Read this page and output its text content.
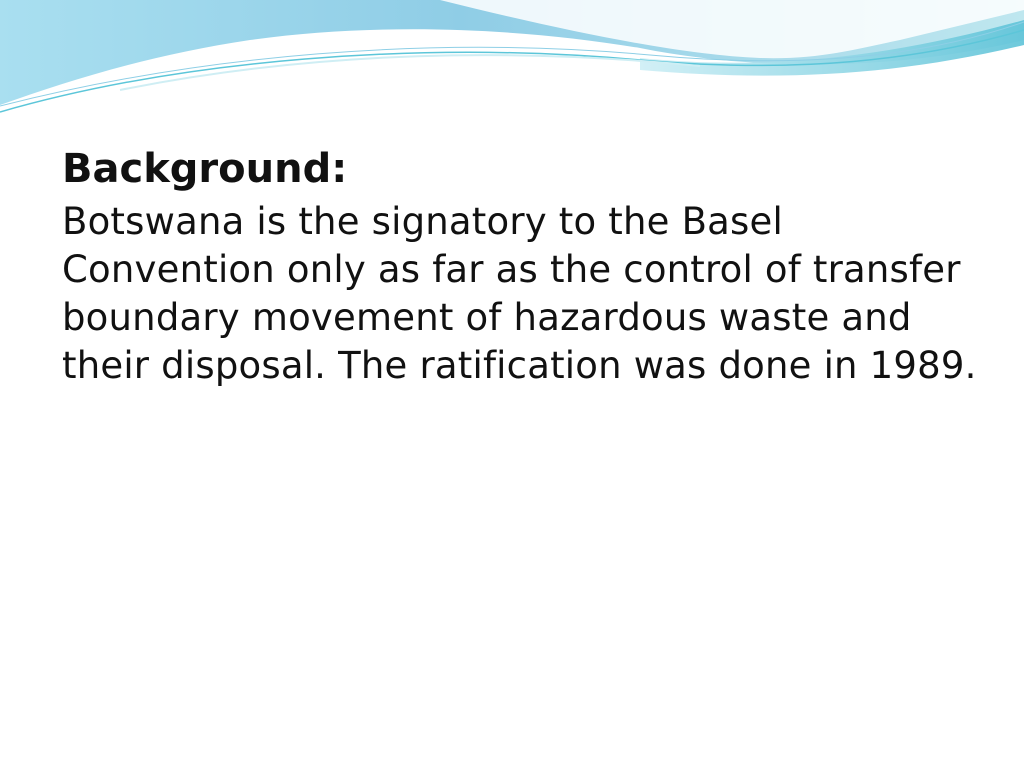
Background:

Botswana is the signatory to the Basel Convention only as far as the control of transfer boundary movement of hazardous waste and their disposal. The ratification was done in 1989.
